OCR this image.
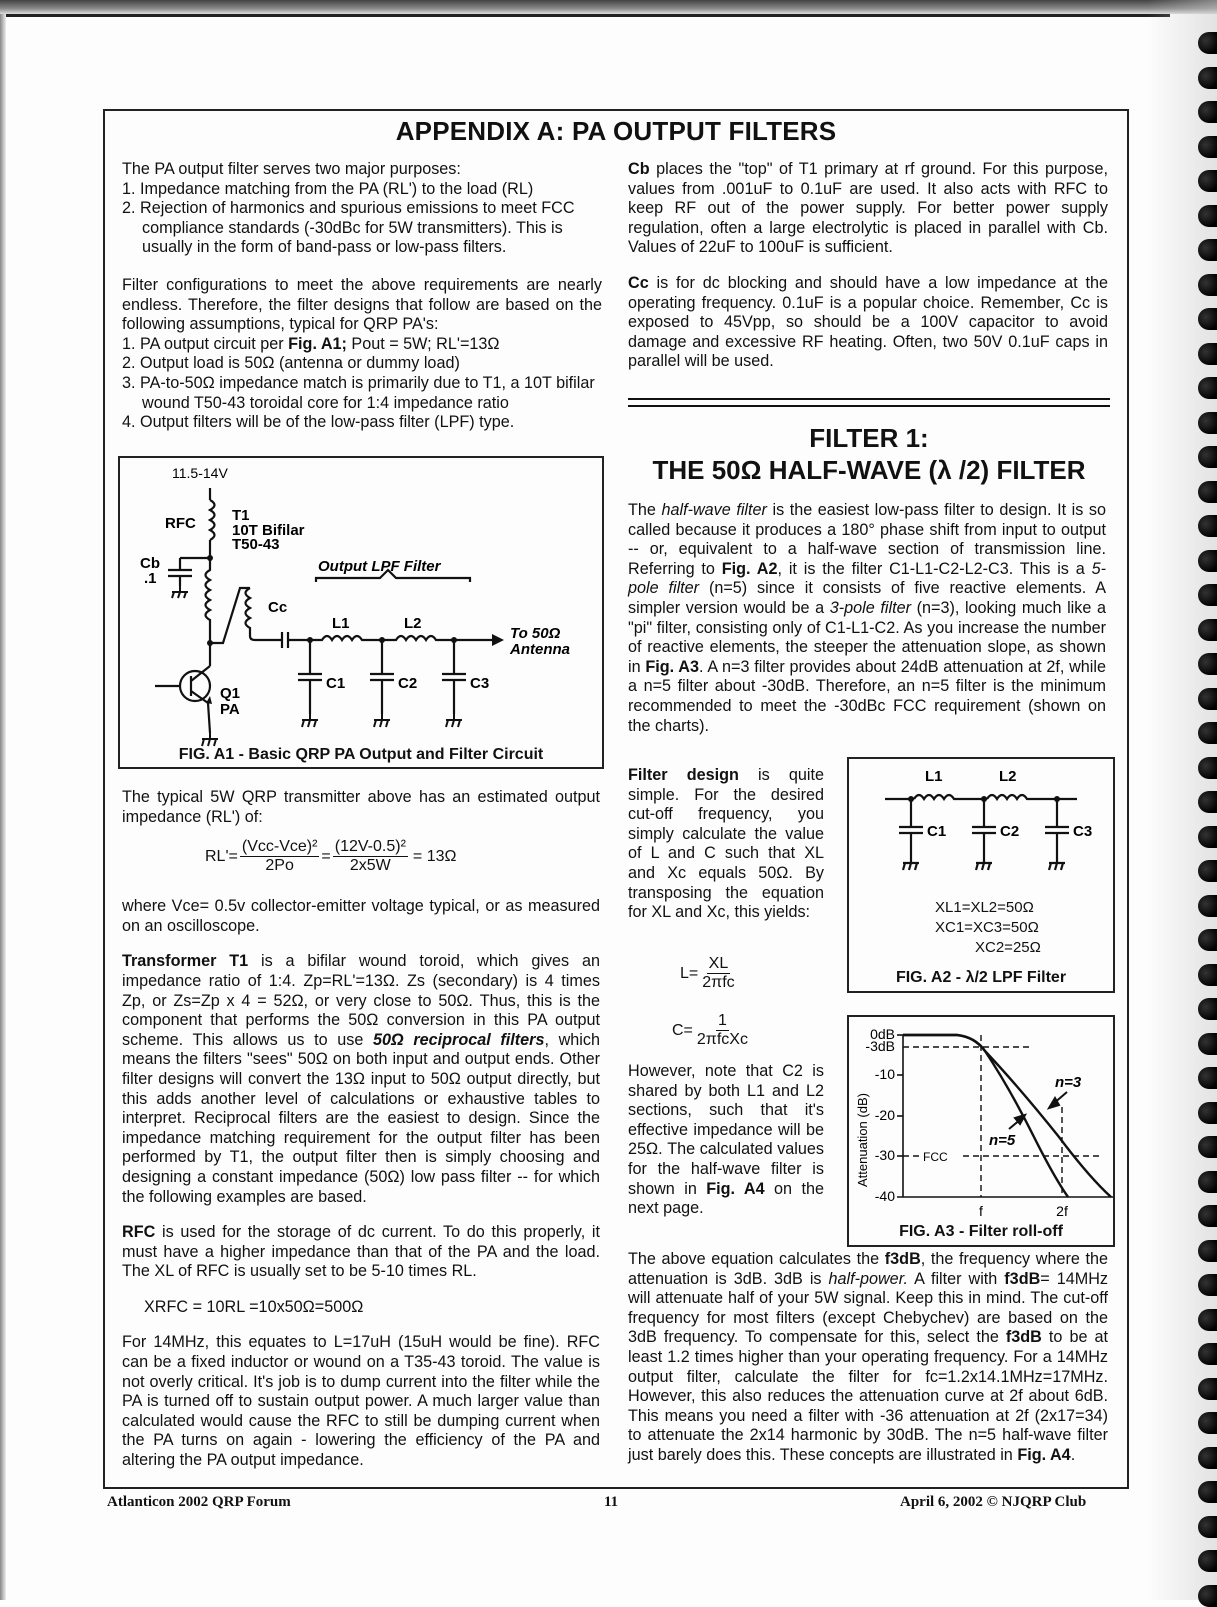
APPENDIX A: PA OUTPUT FILTERS
The PA output filter serves two major purposes:
1. Impedance matching from the PA (RL') to the load (RL)
2. Rejection of harmonics and spurious emissions to meet FCC compliance standards (-30dBc for 5W transmitters). This is usually in the form of band-pass or low-pass filters.

Filter configurations to meet the above requirements are nearly endless. Therefore, the filter designs that follow are based on the following assumptions, typical for QRP PA's:

1. PA output circuit per Fig. A1; Pout = 5W; RL'=13Ω
2. Output load is 50Ω (antenna or dummy load)
3. PA-to-50Ω impedance match is primarily due to T1, a 10T bifilar wound T50-43 toroidal core for 1:4 impedance ratio
4. Output filters will be of the low-pass filter (LPF) type.
11.5-14V
RFC T1
10T Bifilar
T50-43
Cb
.1
Output LPF Filter
Cc
L1	L2
C1	C2	C3
Q1
PA
To 50Ω
Antenna
FIG. A1 - Basic QRP PA Output and Filter Circuit

The typical 5W QRP transmitter above has an estimated output impedance (RL') of:

where Vce= 0.5v collector-emitter voltage typical, or as measured on an oscilloscope.

Transformer T1 is a bifilar wound toroid, which gives an impedance ratio of 1:4. Zp=RL'=13Ω. Zs (secondary) is 4 times Zp, or Zs=Zp x 4 = 52Ω, or very close to 50Ω. Thus, this is the component that performs the 50Ω conversion in this PA output scheme. This allows us to use 50Ω reciprocal filters, which means the filters "sees" 50Ω on both input and output ends. Other filter designs will convert the 13Ω input to 50Ω output directly, but this adds another level of calculations or exhaustive tables to interpret. Reciprocal filters are the easiest to design. Since the impedance matching requirement for the output filter has been performed by T1, the output filter then is simply choosing and designing a constant impedance (50Ω) low pass filter -- for which the following examples are based.

RFC is used for the storage of dc current. To do this properly, it must have a higher impedance than that of the PA and the load. The XL of RFC is usually set to be 5-10 times RL.

XRFC = 10RL =10x50Ω=500Ω

For 14MHz, this equates to L=17uH (15uH would be fine). RFC can be a fixed inductor or wound on a T35-43 toroid. The value is not overly critical. It's job is to dump current into the filter while the PA is turned off to sustain output power. A much larger value than calculated would cause the RFC to still be dumping current when the PA turns on again - lowering the efficiency of the PA and altering the PA output impedance.

$RL'= \frac{\text{(Vcc-Vce)²}}{2Po} = \frac{\text{(12V-0.5)²}}{2x5W} = 13\Omega$

Cb places the "top" of T1 primary at rf ground. For this purpose, values from .001uF to 0.1uF are used. It also acts with RFC to keep RF out of the power supply. For better power supply regulation, often a large electrolytic is placed in parallel with Cb. Values of 22uF to 100uF is sufficient.

Cc is for dc blocking and should have a low impedance at the operating frequency. 0.1uF is a popular choice. Remember, Cc is exposed to 45Vpp, so should be a 100V capacitor to avoid damage and excessive RF heating. Often, two 50V 0.1uF caps in parallel will be used.

FILTER 1:
THE 50Ω HALF-WAVE (λ /2) FILTER

The half-wave filter is the easiest low-pass filter to design. It is so called because it produces a 180° phase shift from input to output -- or, equivalent to a half-wave section of transmission line. Referring to Fig. A2, it is the filter C1-L1-C2-L2-C3. This is a 5-pole filter (n=5) since it consists of five reactive elements. A simpler version would be a 3-pole filter (n=3), looking much like a "pi" filter, consisting only of C1-L1-C2. As you increase the number of reactive elements, the steeper the attenuation slope, as shown in Fig. A3. A n=3 filter provides about 24dB attenuation at 2f, while a n=5 filter about -30dB. Therefore, an n=5 filter is the minimum recommended to meet the -30dBc FCC requirement (shown on the charts).

Filter design is quite simple. For the desired cut-off frequency, you simply calculate the value of L and C such that XL and Xc equals 50Ω. By transposing the equation for XL and Xc, this yields:

$L= \frac{XL}{\text{2πfc}}$
$C= \frac{1}{\text{2πfcXc}}$

However, note that C2 is shared by both L1 and L2 sections, such that it's effective impedance will be 25Ω. The calculated values for the half-wave filter is shown in Fig. A4 on the next page.

L1	L2
C1	C2	C3
XL1=XL2=50Ω
XC1=XC3=50Ω
XC2=25Ω
FIG. A2 - λ/2 LPF Filter
Attenuation (dB)
0dB
-3dB
-10
-20
-30
-40
FCC
n=3
n=5
f	2f
FIG. A3 - Filter roll-off

The above equation calculates the f3dB, the frequency where the attenuation is 3dB. 3dB is half-power. A filter with f3dB= 14MHz will attenuate half of your 5W signal. Keep this in mind. The cut-off frequency for most filters (except Chebychev) are based on the 3dB frequency. To compensate for this, select the f3dB to be at least 1.2 times higher than your operating frequency. For a 14MHz output filter, calculate the filter for fc=1.2x14.1MHz=17MHz. However, this also reduces the attenuation curve at 2f about 6dB. This means you need a filter with -36 attenuation at 2f (2x17=34) to attenuate the 2x14 harmonic by 30dB. The n=5 half-wave filter just barely does this. These concepts are illustrated in Fig. A4.

Atlanticon 2002 QRP Forum	11	April 6, 2002 © NJQRP Club
